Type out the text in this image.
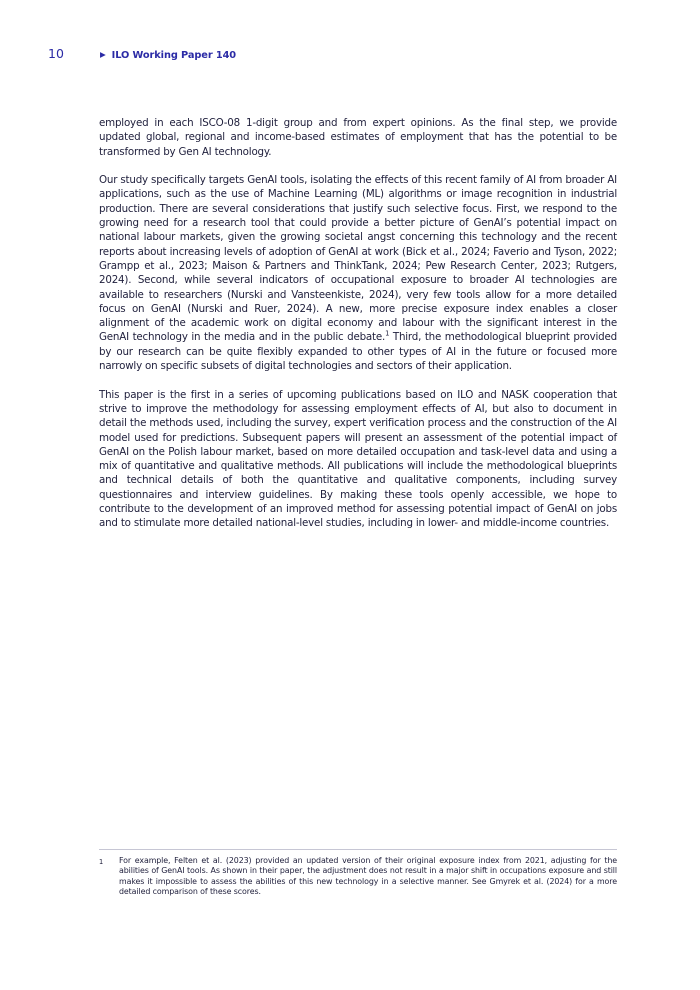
10	▶ ILO Working Paper 140

employed in each ISCO-08 1-digit group and from expert opinions. As the final step, we provide updated global, regional and income-based estimates of employment that has the potential to be transformed by Gen AI technology.

Our study specifically targets GenAI tools, isolating the effects of this recent family of AI from broader AI applications, such as the use of Machine Learning (ML) algorithms or image recognition in industrial production. There are several considerations that justify such selective focus. First, we respond to the growing need for a research tool that could provide a better picture of GenAI’s potential impact on national labour markets, given the growing societal angst concerning this technology and the recent reports about increasing levels of adoption of GenAI at work (Bick et al., 2024; Faverio and Tyson, 2022; Grampp et al., 2023; Maison & Partners and ThinkTank, 2024; Pew Research Center, 2023; Rutgers, 2024). Second, while several indicators of occupational exposure to broader AI technologies are available to researchers (Nurski and Vansteenkiste, 2024), very few tools allow for a more detailed focus on GenAI (Nurski and Ruer, 2024). A new, more precise exposure index enables a closer alignment of the academic work on digital economy and labour with the significant interest in the GenAI technology in the media and in the public debate.$^1$ Third, the methodological blueprint provided by our research can be quite flexibly expanded to other types of AI in the future or focused more narrowly on specific subsets of digital technologies and sectors of their application.

This paper is the first in a series of upcoming publications based on ILO and NASK cooperation that strive to improve the methodology for assessing employment effects of AI, but also to document in detail the methods used, including the survey, expert verification process and the construction of the AI model used for predictions. Subsequent papers will present an assessment of the potential impact of GenAI on the Polish labour market, based on more detailed occupation and task-level data and using a mix of quantitative and qualitative methods. All publications will include the methodological blueprints and technical details of both the quantitative and qualitative components, including survey questionnaires and interview guidelines. By making these tools openly accessible, we hope to contribute to the development of an improved method for assessing potential impact of GenAI on jobs and to stimulate more detailed national-level studies, including in lower- and middle-income countries.

1	For example, Felten et al. (2023) provided an updated version of their original exposure index from 2021, adjusting for the abilities of GenAI tools. As shown in their paper, the adjustment does not result in a major shift in occupations exposure and still makes it impossible to assess the abilities of this new technology in a selective manner. See Gmyrek et al. (2024) for a more detailed comparison of these scores.
